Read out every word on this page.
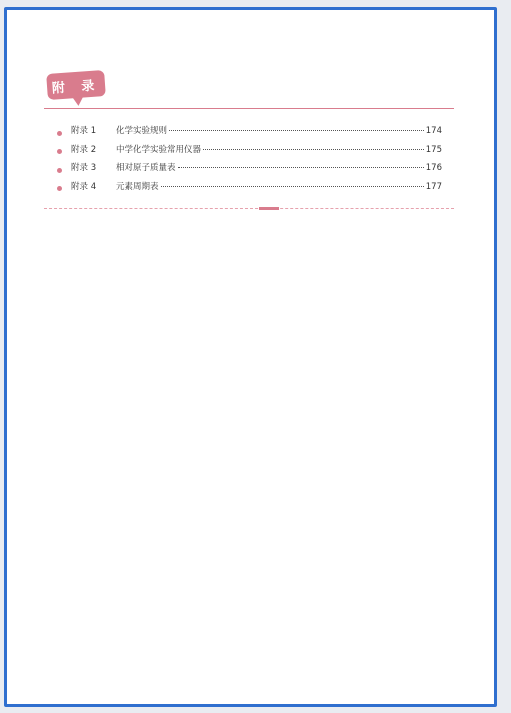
附 录
附录 1	化学实验规则	174
附录 2	中学化学实验常用仪器	175
附录 3	相对原子质量表	176
附录 4	元素周期表	177
